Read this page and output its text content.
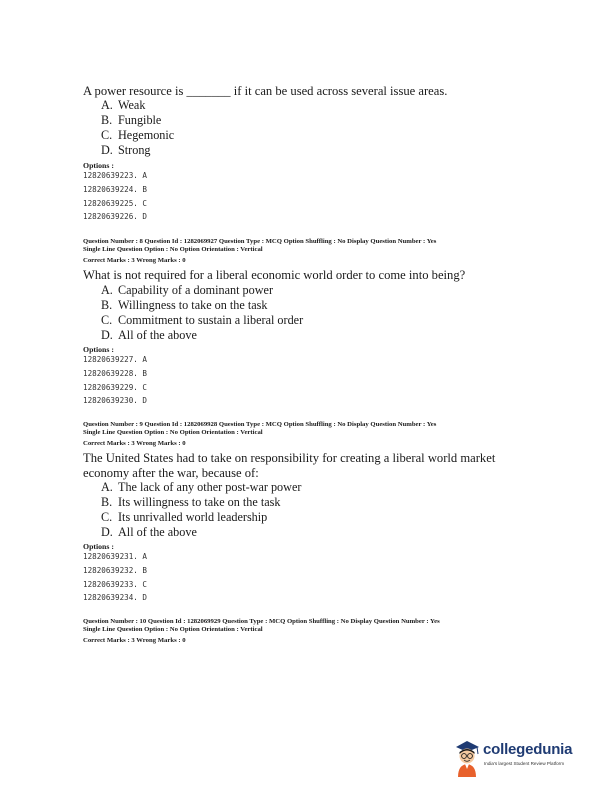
A power resource is _______ if it can be used across several issue areas.
A. Weak
B. Fungible
C. Hegemonic
D. Strong
Options :
12820639223. A
12820639224. B
12820639225. C
12820639226. D
Question Number : 8 Question Id : 1282069927 Question Type : MCQ Option Shuffling : No Display Question Number : Yes
Single Line Question Option : No Option Orientation : Vertical
Correct Marks : 3 Wrong Marks : 0
What is not required for a liberal economic world order to come into being?
A. Capability of a dominant power
B. Willingness to take on the task
C. Commitment to sustain a liberal order
D. All of the above
Options :
12820639227. A
12820639228. B
12820639229. C
12820639230. D
Question Number : 9 Question Id : 1282069928 Question Type : MCQ Option Shuffling : No Display Question Number : Yes
Single Line Question Option : No Option Orientation : Vertical
Correct Marks : 3 Wrong Marks : 0
The United States had to take on responsibility for creating a liberal world market
economy after the war, because of:
A. The lack of any other post-war power
B. Its willingness to take on the task
C. Its unrivalled world leadership
D. All of the above
Options :
12820639231. A
12820639232. B
12820639233. C
12820639234. D
Question Number : 10 Question Id : 1282069929 Question Type : MCQ Option Shuffling : No Display Question Number : Yes
Single Line Question Option : No Option Orientation : Vertical
Correct Marks : 3 Wrong Marks : 0
collegedunia
India's largest Student Review Platform
